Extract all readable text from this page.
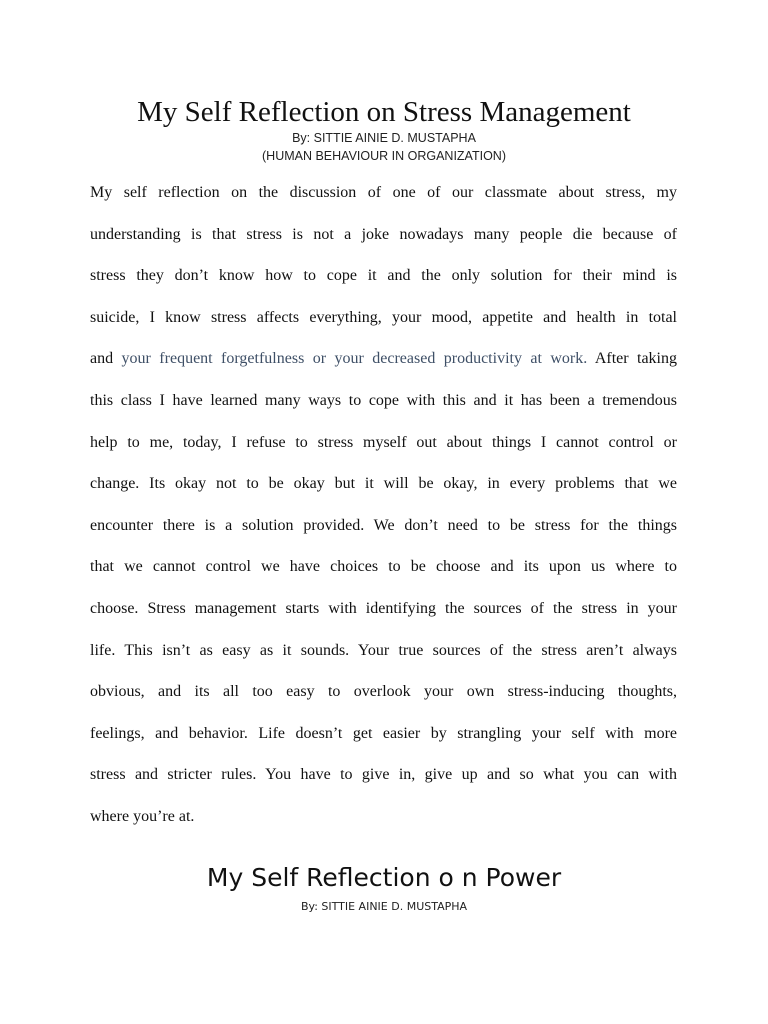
My Self Reflection on Stress Management
By: SITTIE AINIE D. MUSTAPHA
(HUMAN BEHAVIOUR IN ORGANIZATION)
My self reflection on the discussion of one of our classmate about stress, my
understanding is that stress is not a joke nowadays many people die because of
stress they don’t know how to cope it and the only solution for their mind is
suicide, I know stress affects everything, your mood, appetite and health in total
and your frequent forgetfulness or your decreased productivity at work. After taking
this class I have learned many ways to cope with this and it has been a tremendous
help to me, today, I refuse to stress myself out about things I cannot control or
change. Its okay not to be okay but it will be okay, in every problems that we
encounter there is a solution provided. We don’t need to be stress for the things
that we cannot control we have choices to be choose and its upon us where to
choose. Stress management starts with identifying the sources of the stress in your
life. This isn’t as easy as it sounds. Your true sources of the stress aren’t always
obvious, and its all too easy to overlook your own stress-inducing thoughts,
feelings, and behavior. Life doesn’t get easier by strangling your self with more
stress and stricter rules. You have to give in, give up and so what you can with
where you’re at.
My Self Reflection o n Power
By: SITTIE AINIE D. MUSTAPHA
